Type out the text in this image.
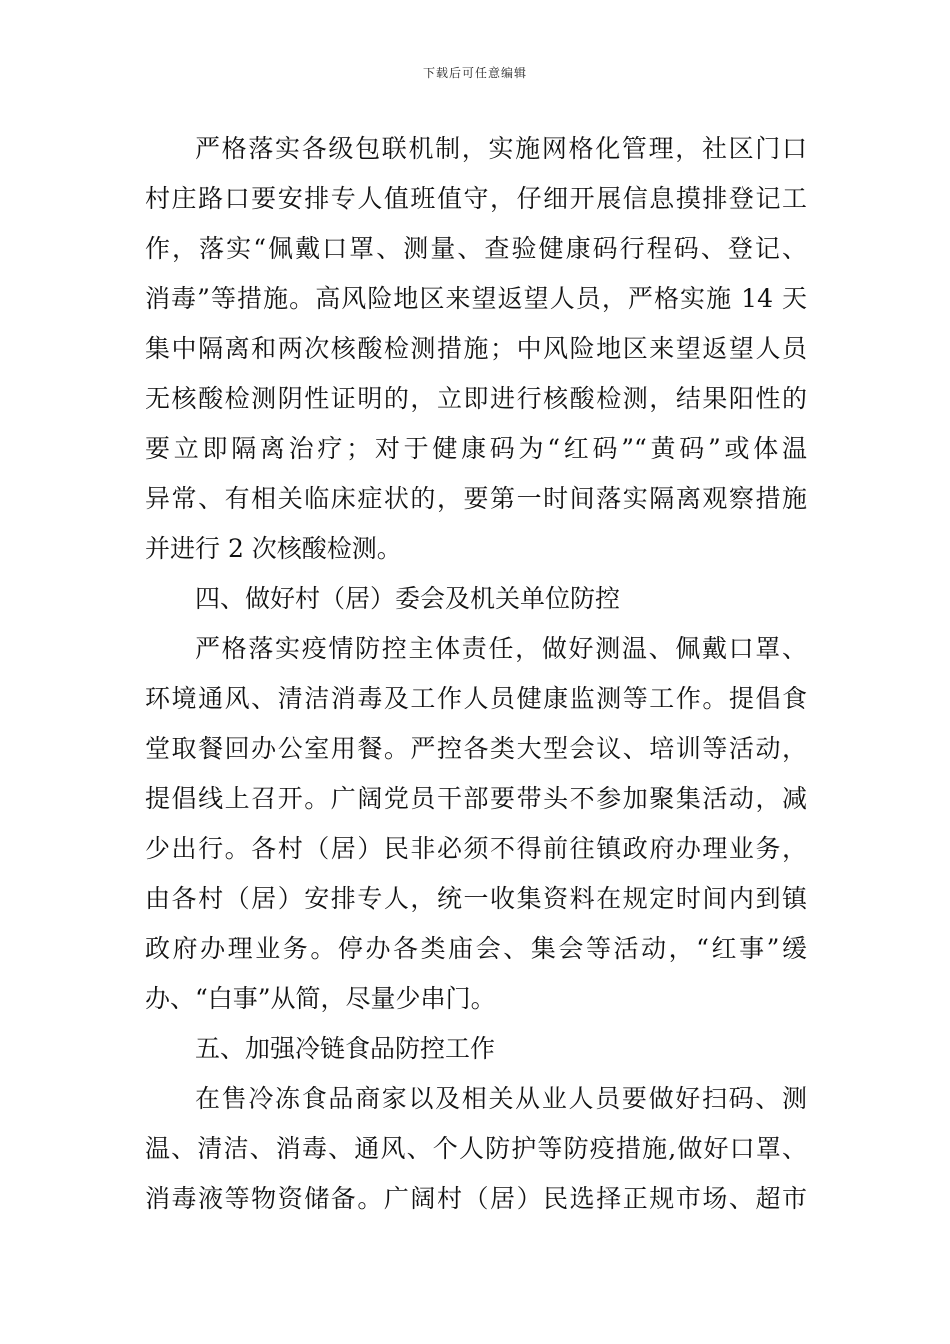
下载后可任意编辑
严格落实各级包联机制，实施网格化管理，社区门口
村庄路口要安排专人值班值守，仔细开展信息摸排登记工
作，落实“佩戴口罩、测量、查验健康码行程码、登记、
消毒”等措施。高风险地区来望返望人员，严格实施 14 天
集中隔离和两次核酸检测措施；中风险地区来望返望人员
无核酸检测阴性证明的，立即进行核酸检测，结果阳性的
要立即隔离治疗；对于健康码为“红码”“黄码”或体温
异常、有相关临床症状的，要第一时间落实隔离观察措施
并进行 2 次核酸检测。
四、做好村（居）委会及机关单位防控
严格落实疫情防控主体责任，做好测温、佩戴口罩、
环境通风、清洁消毒及工作人员健康监测等工作。提倡食
堂取餐回办公室用餐。严控各类大型会议、培训等活动，
提倡线上召开。广阔党员干部要带头不参加聚集活动，减
少出行。各村（居）民非必须不得前往镇政府办理业务，
由各村（居）安排专人，统一收集资料在规定时间内到镇
政府办理业务。停办各类庙会、集会等活动，“红事”缓
办、“白事”从简，尽量少串门。
五、加强冷链食品防控工作
在售冷冻食品商家以及相关从业人员要做好扫码、测
温、清洁、消毒、通风、个人防护等防疫措施,做好口罩、
消毒液等物资储备。广阔村（居）民选择正规市场、超市
